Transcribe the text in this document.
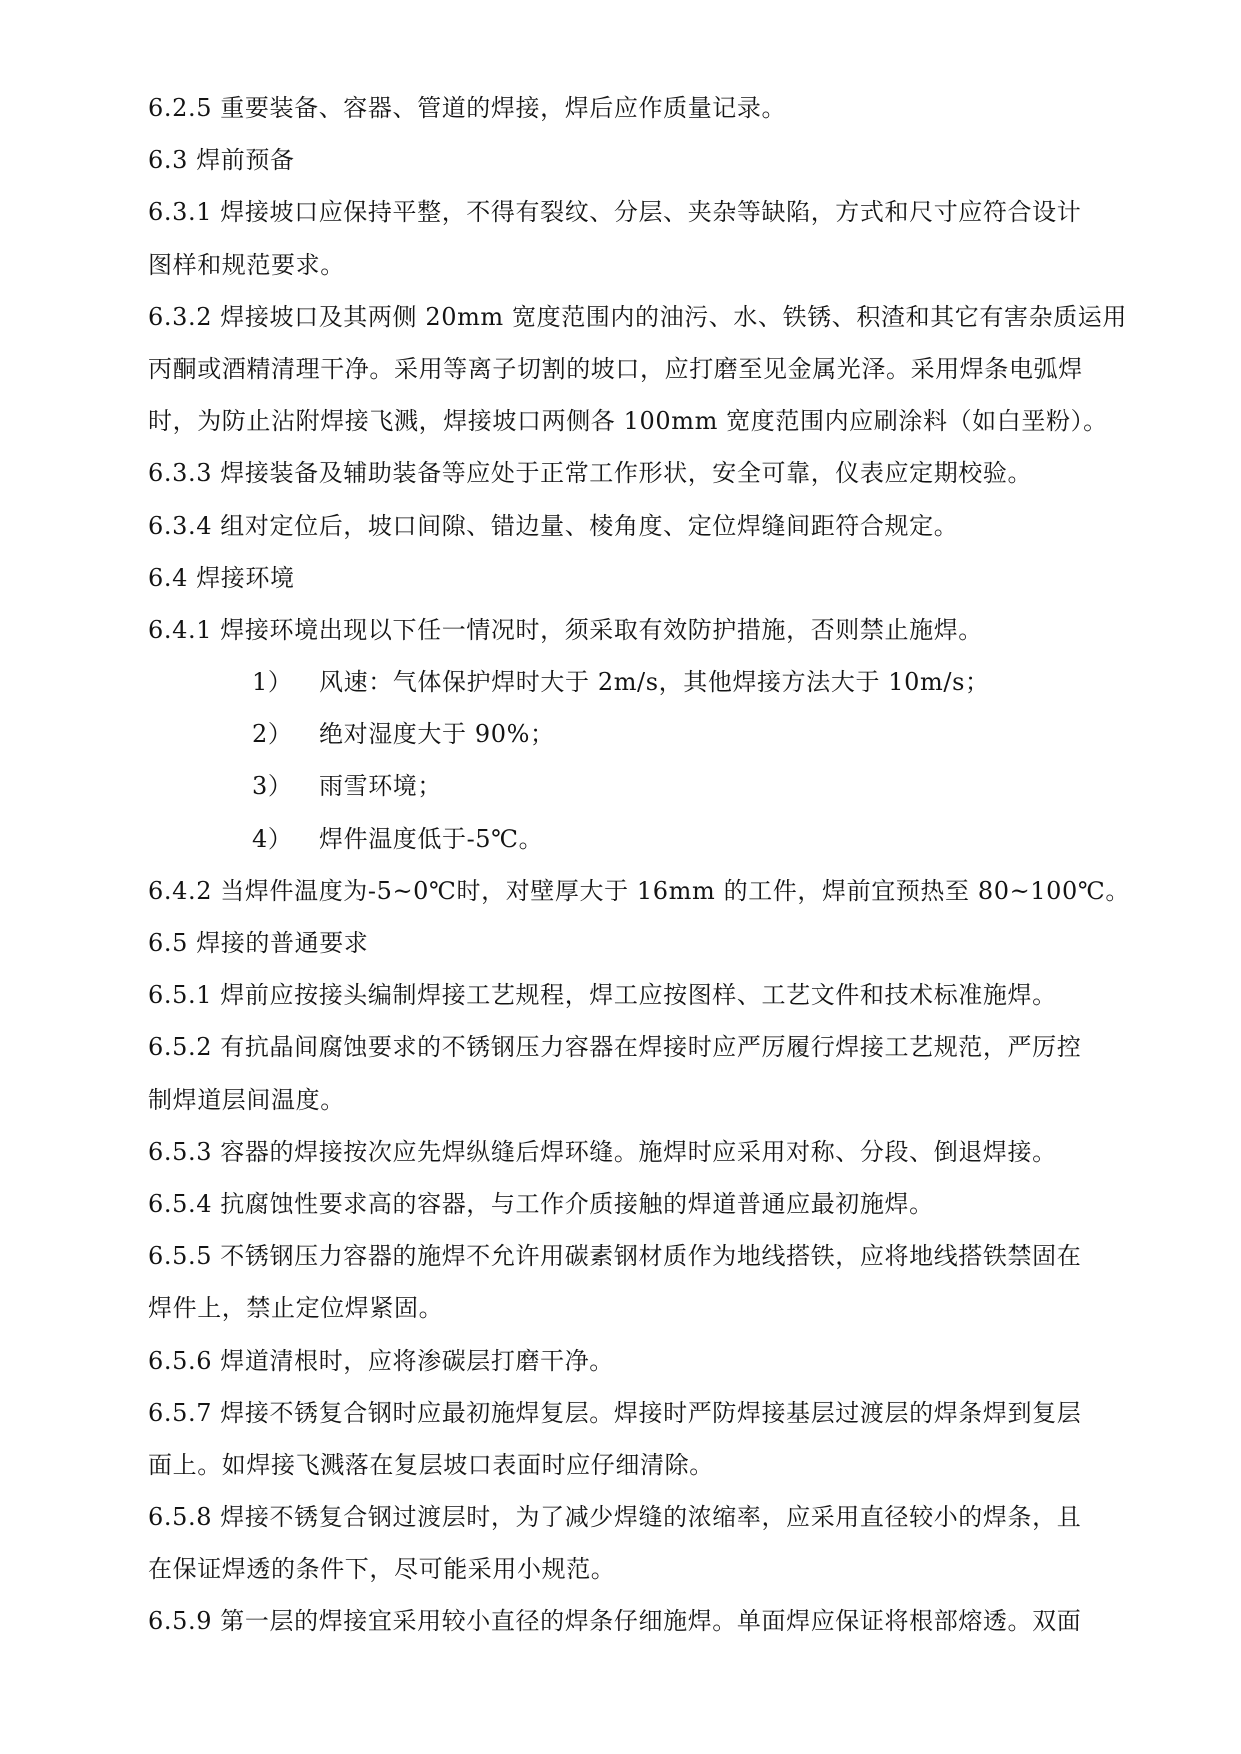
6.2.5 重要装备、容器、管道的焊接，焊后应作质量记录。
6.3 焊前预备
6.3.1 焊接坡口应保持平整，不得有裂纹、分层、夹杂等缺陷，方式和尺寸应符合设计
图样和规范要求。
6.3.2 焊接坡口及其两侧 20mm 宽度范围内的油污、水、铁锈、积渣和其它有害杂质运用
丙酮或酒精清理干净。采用等离子切割的坡口，应打磨至见金属光泽。采用焊条电弧焊
时，为防止沾附焊接飞溅，焊接坡口两侧各 100mm 宽度范围内应刷涂料（如白垩粉）。
6.3.3 焊接装备及辅助装备等应处于正常工作形状，安全可靠，仪表应定期校验。
6.3.4 组对定位后，坡口间隙、错边量、棱角度、定位焊缝间距符合规定。
6.4 焊接环境
6.4.1 焊接环境出现以下任一情况时，须采取有效防护措施，否则禁止施焊。
1）	风速：气体保护焊时大于 2m/s，其他焊接方法大于 10m/s；
2）	绝对湿度大于 90%；
3）	雨雪环境；
4）	焊件温度低于-5℃。
6.4.2 当焊件温度为-5~0℃时，对壁厚大于 16mm 的工件，焊前宜预热至 80~100℃。
6.5 焊接的普通要求
6.5.1 焊前应按接头编制焊接工艺规程，焊工应按图样、工艺文件和技术标准施焊。
6.5.2 有抗晶间腐蚀要求的不锈钢压力容器在焊接时应严厉履行焊接工艺规范，严厉控
制焊道层间温度。
6.5.3 容器的焊接按次应先焊纵缝后焊环缝。施焊时应采用对称、分段、倒退焊接。
6.5.4 抗腐蚀性要求高的容器，与工作介质接触的焊道普通应最初施焊。
6.5.5 不锈钢压力容器的施焊不允许用碳素钢材质作为地线搭铁，应将地线搭铁禁固在
焊件上，禁止定位焊紧固。
6.5.6 焊道清根时，应将渗碳层打磨干净。
6.5.7 焊接不锈复合钢时应最初施焊复层。焊接时严防焊接基层过渡层的焊条焊到复层
面上。如焊接飞溅落在复层坡口表面时应仔细清除。
6.5.8 焊接不锈复合钢过渡层时，为了减少焊缝的浓缩率，应采用直径较小的焊条，且
在保证焊透的条件下，尽可能采用小规范。
6.5.9 第一层的焊接宜采用较小直径的焊条仔细施焊。单面焊应保证将根部熔透。双面
